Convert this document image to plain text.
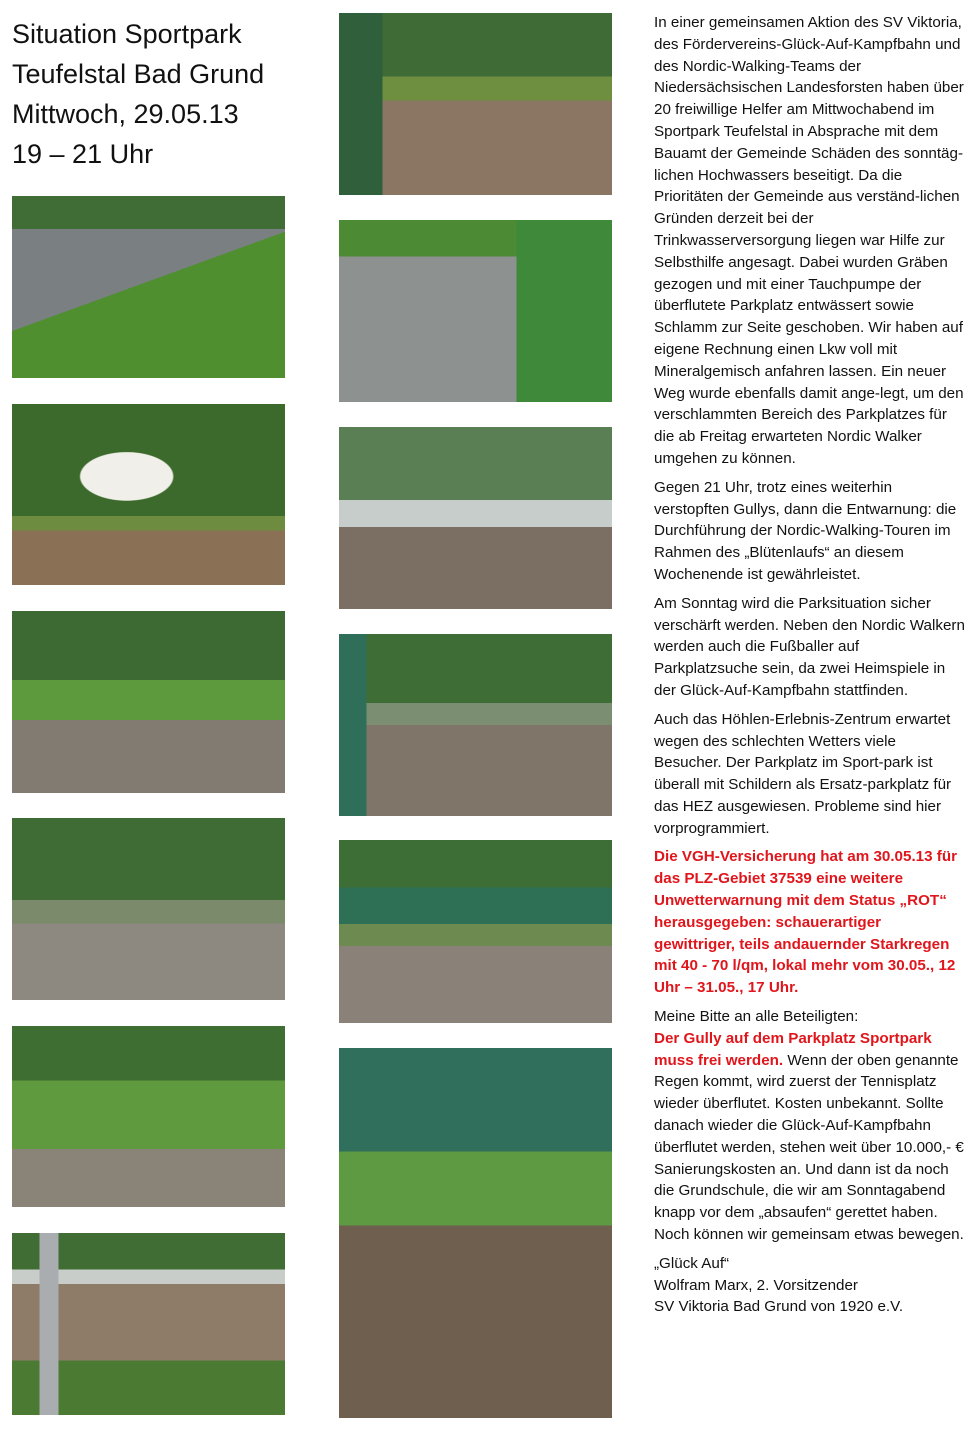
Situation Sportpark
Teufelstal Bad Grund
Mittwoch, 29.05.13
19 – 21 Uhr

In einer gemeinsamen Aktion des SV Viktoria, des Fördervereins-Glück-Auf-Kampfbahn und des Nordic-Walking-Teams der Niedersächsischen Landesforsten haben über 20 freiwillige Helfer am Mittwochabend im Sportpark Teufelstal in Absprache mit dem Bauamt der Gemeinde Schäden des sonntäg-lichen Hochwassers beseitigt. Da die Prioritäten der Gemeinde aus verständ-lichen Gründen derzeit bei der Trinkwasserversorgung liegen war Hilfe zur Selbsthilfe angesagt. Dabei wurden Gräben gezogen und mit einer Tauchpumpe der überflutete Parkplatz entwässert sowie Schlamm zur Seite geschoben. Wir haben auf eigene Rechnung einen Lkw voll mit Mineralgemisch anfahren lassen. Ein neuer Weg wurde ebenfalls damit ange-legt, um den verschlammten Bereich des Parkplatzes für die ab Freitag erwarteten Nordic Walker umgehen zu können.

Gegen 21 Uhr, trotz eines weiterhin verstopften Gullys, dann die Entwarnung: die Durchführung der Nordic-Walking-Touren im Rahmen des „Blütenlaufs“ an diesem Wochenende ist gewährleistet.

Am Sonntag wird die Parksituation sicher verschärft werden. Neben den Nordic Walkern werden auch die Fußballer auf Parkplatzsuche sein, da zwei Heimspiele in der Glück-Auf-Kampfbahn stattfinden.

Auch das Höhlen-Erlebnis-Zentrum erwartet wegen des schlechten Wetters viele Besucher. Der Parkplatz im Sport-park ist überall mit Schildern als Ersatz-parkplatz für das HEZ ausgewiesen. Probleme sind hier vorprogrammiert.

Die VGH-Versicherung hat am 30.05.13 für das PLZ-Gebiet 37539 eine weitere Unwetterwarnung mit dem Status „ROT“ herausgegeben: schauerartiger gewittriger, teils andauernder Starkregen mit 40 - 70 l/qm, lokal mehr vom 30.05., 12 Uhr – 31.05., 17 Uhr.

Meine Bitte an alle Beteiligten:
Der Gully auf dem Parkplatz Sportpark muss frei werden. Wenn der oben genannte Regen kommt, wird zuerst der Tennisplatz wieder überflutet. Kosten unbekannt. Sollte danach wieder die Glück-Auf-Kampfbahn überflutet werden, stehen weit über 10.000,- € Sanierungskosten an. Und dann ist da noch die Grundschule, die wir am Sonntagabend knapp vor dem „absaufen“ gerettet haben. Noch können wir gemeinsam etwas bewegen.

„Glück Auf“
Wolfram Marx, 2. Vorsitzender
SV Viktoria Bad Grund von 1920 e.V.
